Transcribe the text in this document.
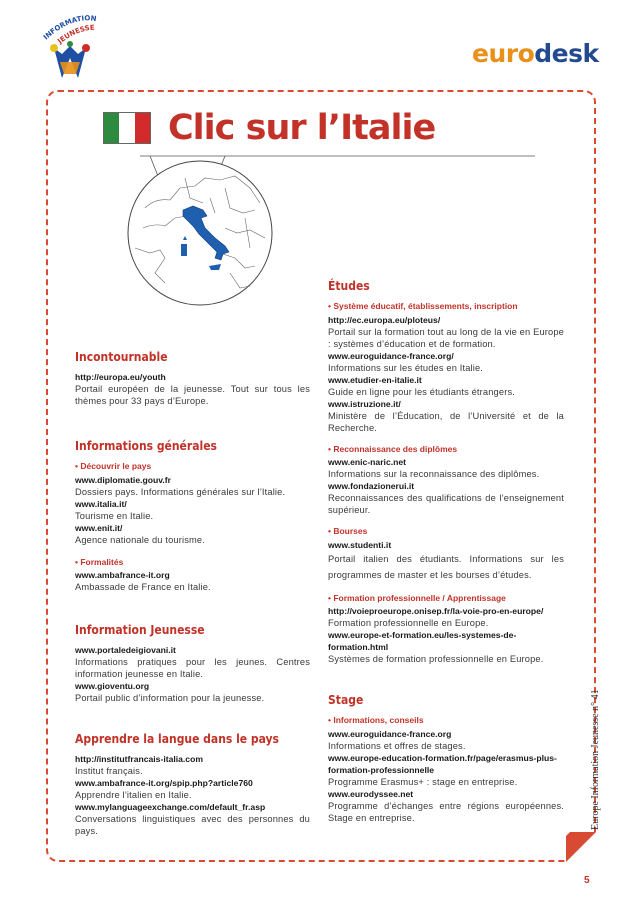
INFORMATION
JEUNESSE
euro desk
Clic sur l’Italie
Europe Information Jeunesse n° 41
Incontournable
http://europa.eu/youth
Portail européen de la jeunesse. Tout sur tous les thèmes pour 33 pays d’Europe.
Informations générales
• Découvrir le pays
www.diplomatie.gouv.fr
Dossiers pays. Informations générales sur l’Italie.
www.italia.it/
Tourisme en Italie.
www.enit.it/
Agence nationale du tourisme.
• Formalités
www.ambafrance-it.org
Ambassade de France en Italie.
Information Jeunesse
www.portaledeigiovani.it
Informations pratiques pour les jeunes. Centres information jeunesse en Italie.
www.gioventu.org
Portail public d’information pour la jeunesse.
Apprendre la langue dans le pays
http://institutfrancais-italia.com
Institut français.
www.ambafrance-it.org/spip.php?article760
Apprendre l’italien en Italie.
www.mylanguageexchange.com/default_fr.asp
Conversations linguistiques avec des personnes du pays.
Études
• Système éducatif, établissements, inscription
http://ec.europa.eu/ploteus/
Portail sur la formation tout au long de la vie en Europe : systèmes d’éducation et de formation.
www.euroguidance-france.org/
Informations sur les études en Italie.
www.etudier-en-italie.it
Guide en ligne pour les étudiants étrangers.
www.istruzione.it/
Ministère de l’Éducation, de l’Université et de la Recherche.
• Reconnaissance des diplômes
www.enic-naric.net
Informations sur la reconnaissance des diplômes.
www.fondazionerui.it
Reconnaissances des qualifications de l’enseignement supérieur.
• Bourses
www.studenti.it
Portail italien des étudiants. Informations sur les programmes de master et les bourses d’études.
• Formation professionnelle / Apprentissage
http://voieproeurope.onisep.fr/la-voie-pro-en-europe/
Formation professionnelle en Europe.
www.europe-et-formation.eu/les-systemes-de-formation.html
Systèmes de formation professionnelle en Europe.
Stage
• Informations, conseils
www.euroguidance-france.org
Informations et offres de stages.
www.europe-education-formation.fr/page/erasmus-plus-formation-professionnelle
Programme Erasmus+ : stage en entreprise.
www.eurodyssee.net
Programme d’échanges entre régions européennes. Stage en entreprise.
5
